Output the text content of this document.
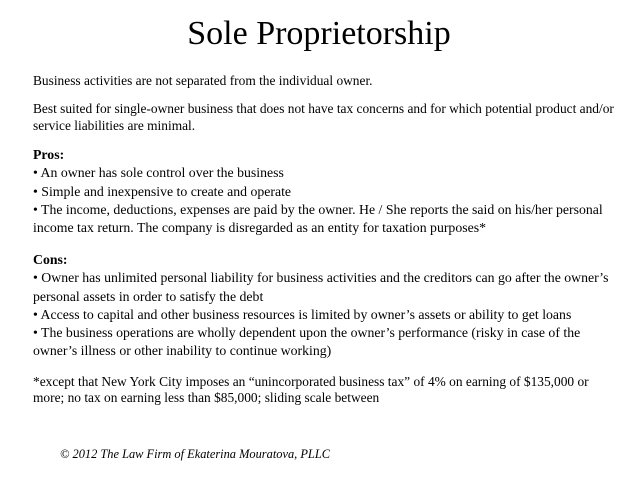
Sole Proprietorship

Business activities are not separated from the individual owner.

Best suited for single-owner business that does not have tax concerns and for which potential product and/or service liabilities are minimal.

Pros:

• An owner has sole control over the business

• Simple and inexpensive to create and operate

• The income, deductions, expenses are paid by the owner. He / She reports the said on his/her personal income tax return. The company is disregarded as an entity for taxation purposes*

Cons:

• Owner has unlimited personal liability for business activities and the creditors can go after the owner’s personal assets in order to satisfy the debt

• Access to capital and other business resources is limited by owner’s assets or ability to get loans

• The business operations are wholly dependent upon the owner’s performance (risky in case of the owner’s illness or other inability to continue working)

*except that New York City imposes an “unincorporated business tax” of 4% on earning of $135,000 or more; no tax on earning less than $85,000; sliding scale between

© 2012 The Law Firm of Ekaterina Mouratova, PLLC
